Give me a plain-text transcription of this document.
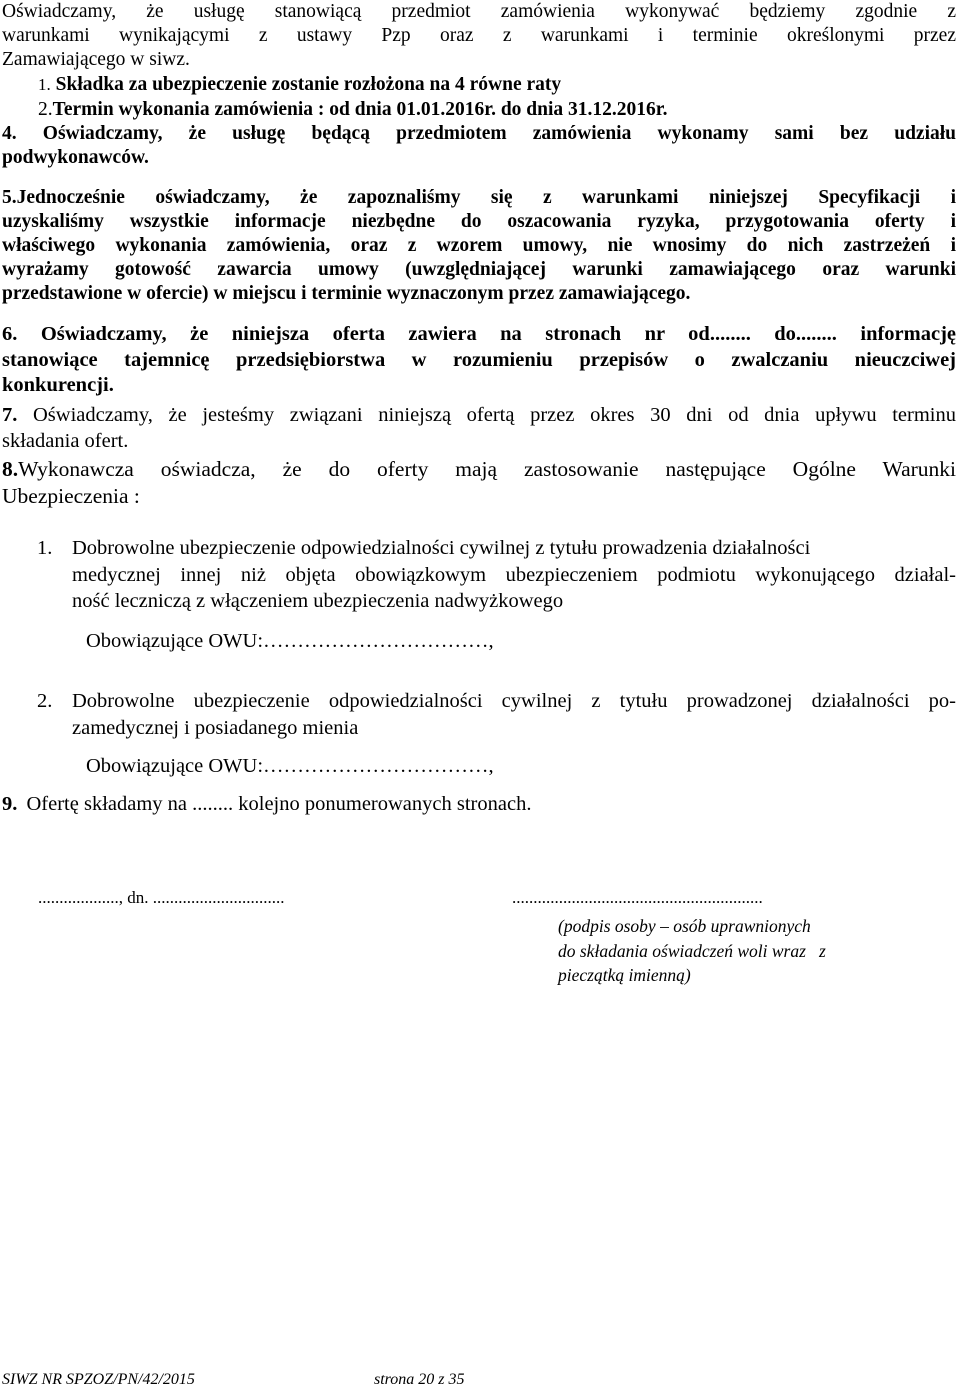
Oświadczamy, że usługę stanowiącą przedmiot zamówienia wykonywać będziemy zgodnie z

warunkami wynikającymi z ustawy Pzp oraz z warunkami i terminie określonymi przez

Zamawiającego w siwz.

1. Składka za ubezpieczenie zostanie rozłożona na 4 równe raty
2.Termin wykonania zamówienia : od dnia 01.01.2016r. do dnia 31.12.2016r.

4. Oświadczamy, że usługę będącą przedmiotem zamówienia wykonamy sami bez udziału

podwykonawców.

5.Jednocześnie oświadczamy, że zapoznaliśmy się z warunkami niniejszej Specyfikacji i

uzyskaliśmy wszystkie informacje niezbędne do oszacowania ryzyka, przygotowania oferty i

właściwego wykonania zamówienia, oraz z wzorem umowy, nie wnosimy do nich zastrzeżeń i

wyrażamy gotowość zawarcia umowy (uwzględniającej warunki zamawiającego oraz warunki

przedstawione w ofercie) w miejscu i terminie wyznaczonym przez zamawiającego.

6. Oświadczamy, że niniejsza oferta zawiera na stronach nr od........ do........ informację

stanowiące tajemnicę przedsiębiorstwa w rozumieniu przepisów o zwalczaniu nieuczciwej

konkurencji.

7. Oświadczamy, że jesteśmy związani niniejszą ofertą przez okres 30 dni od dnia upływu terminu

składania ofert.

8.Wykonawcza oświadcza, że do oferty mają zastosowanie następujące Ogólne Warunki

Ubezpieczenia :

1. Dobrowolne ubezpieczenie odpowiedzialności cywilnej z tytułu prowadzenia działalności

medycznej innej niż objęta obowiązkowym ubezpieczeniem podmiotu wykonującego działal-

ność leczniczą z włączeniem ubezpieczenia nadwyżkowego

Obowiązujące OWU:……………………………,
2. Dobrowolne ubezpieczenie odpowiedzialności cywilnej z tytułu prowadzonej działalności po-

zamedycznej i posiadanego mienia

Obowiązujące OWU:……………………………,
9. Ofertę składamy na ........ kolejno ponumerowanych stronach.
..................., dn. ...............................	...........................................................
(podpis osoby – osób uprawnionych
do składania oświadczeń woli wraz   z
pieczątką imienną)
SIWZ NR SPZOZ/PN/42/2015	strona 20 z 35
